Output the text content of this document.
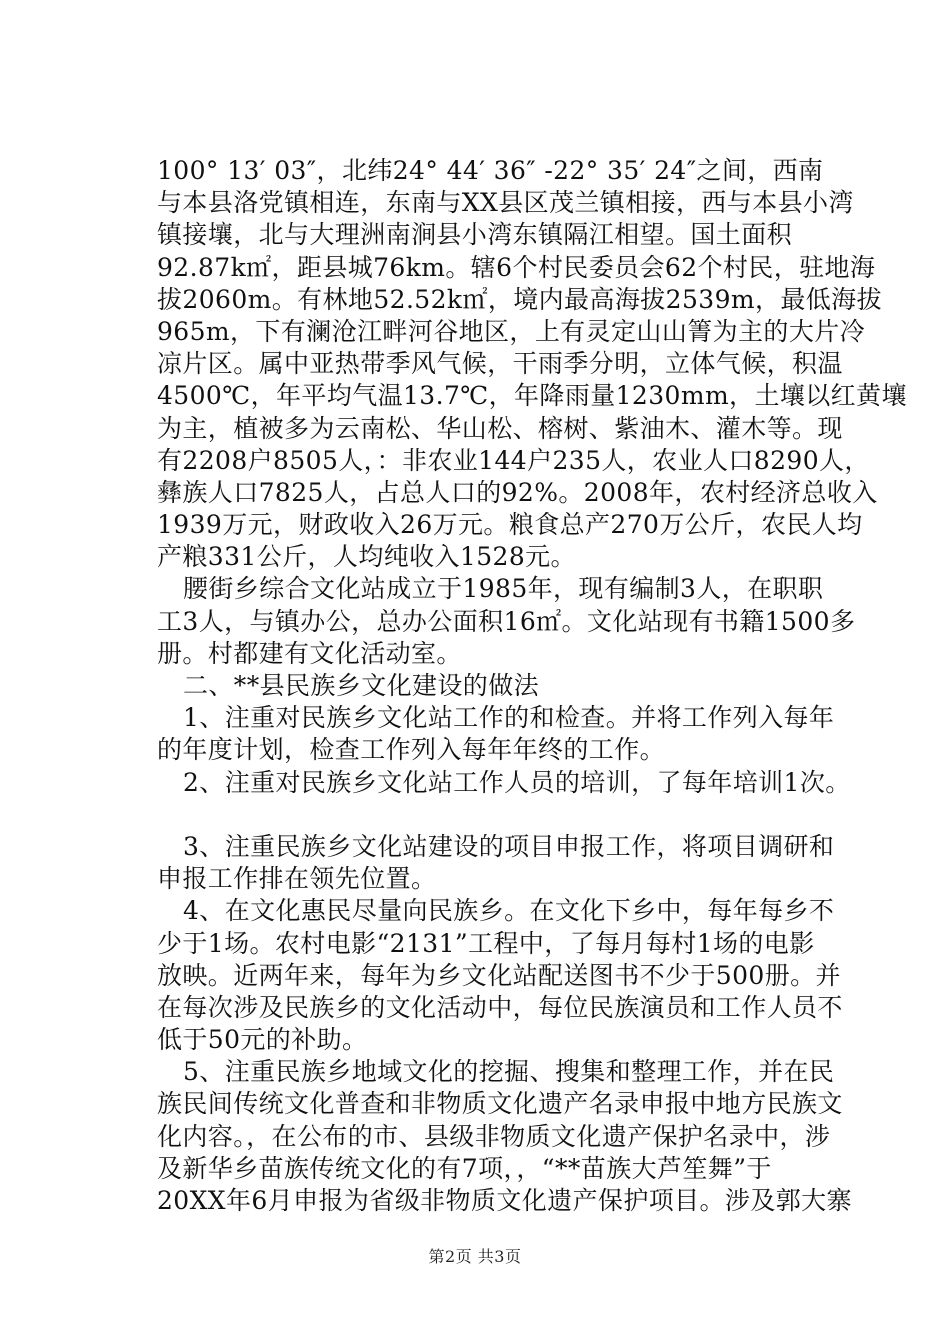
100° 13′ 03″，北纬24° 44′ 36″ -22° 35′ 24″之间，西南
与本县洛党镇相连，东南与XX县区茂兰镇相接，西与本县小湾
镇接壤，北与大理洲南涧县小湾东镇隔江相望。国土面积
92.87k㎡，距县城76km。辖6个村民委员会62个村民，驻地海
拔2060m。有林地52.52k㎡，境内最高海拔2539m，最低海拔
965m，下有澜沧江畔河谷地区，上有灵定山山箐为主的大片冷
凉片区。属中亚热带季风气候，干雨季分明，立体气候，积温
4500℃，年平均气温13.7℃，年降雨量1230mm，土壤以红黄壤
为主，植被多为云南松、华山松、榕树、紫油木、灌木等。现
有2208户8505人，：非农业144户235人，农业人口8290人，
彝族人口7825人，占总人口的92%。2008年，农村经济总收入
1939万元，财政收入26万元。粮食总产270万公斤，农民人均
产粮331公斤，人均纯收入1528元。
腰街乡综合文化站成立于1985年，现有编制3人，在职职
工3人，与镇办公，总办公面积16㎡。文化站现有书籍1500多
册。村都建有文化活动室。
二、**县民族乡文化建设的做法
1、注重对民族乡文化站工作的和检查。并将工作列入每年
的年度计划，检查工作列入每年年终的工作。
2、注重对民族乡文化站工作人员的培训，了每年培训1次。
3、注重民族乡文化站建设的项目申报工作，将项目调研和
申报工作排在领先位置。
4、在文化惠民尽量向民族乡。在文化下乡中，每年每乡不
少于1场。农村电影“2131”工程中，了每月每村1场的电影
放映。近两年来，每年为乡文化站配送图书不少于500册。并
在每次涉及民族乡的文化活动中，每位民族演员和工作人员不
低于50元的补助。
5、注重民族乡地域文化的挖掘、搜集和整理工作，并在民
族民间传统文化普查和非物质文化遗产名录申报中地方民族文
化内容。，在公布的市、县级非物质文化遗产保护名录中，涉
及新华乡苗族传统文化的有7项，，“**苗族大芦笙舞”于
20XX年6月申报为省级非物质文化遗产保护项目。涉及郭大寨
第2页 共3页
